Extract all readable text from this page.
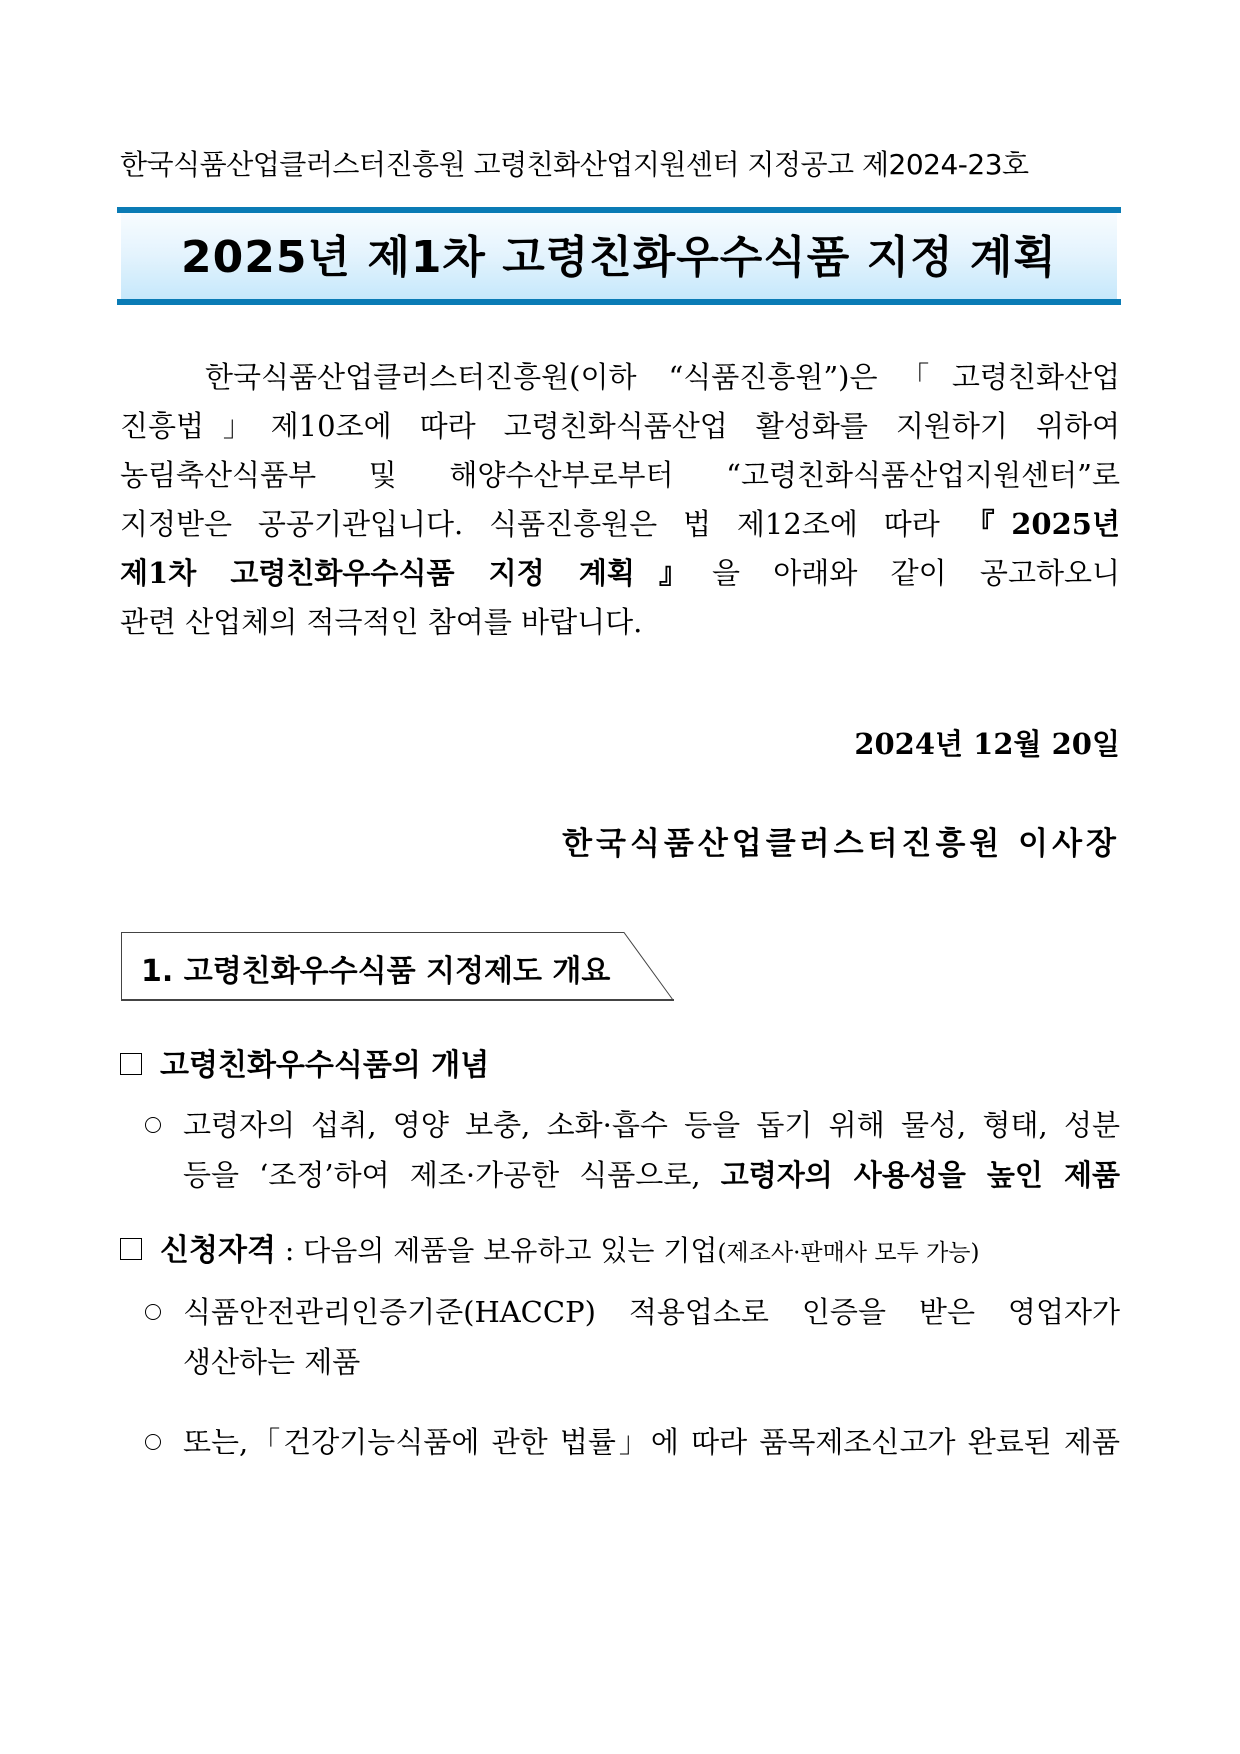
한국식품산업클러스터진흥원 고령친화산업지원센터 지정공고 제2024-23호
2025년 제1차 고령친화우수식품 지정 계획
한국식품산업클러스터진흥원(이하 “식품진흥원”)은「고령친화산업
진흥법」제10조에 따라 고령친화식품산업 활성화를 지원하기 위하여
농림축산식품부 및 해양수산부로부터 “고령친화식품산업지원센터”로
지정받은 공공기관입니다. 식품진흥원은 법 제12조에 따라 『2025년
제1차 고령친화우수식품 지정 계획』을 아래와 같이 공고하오니
관련 산업체의 적극적인 참여를 바랍니다.
2024년 12월 20일
한국식품산업클러스터진흥원 이사장
1. 고령친화우수식품 지정제도 개요
고령친화우수식품의 개념
고령자의 섭취, 영양 보충, 소화·흡수 등을 돕기 위해 물성, 형태, 성분
등을 ‘조정’하여 제조·가공한 식품으로, 고령자의 사용성을 높인 제품
신청자격 : 다음의 제품을 보유하고 있는 기업(제조사·판매사 모두 가능)
식품안전관리인증기준(HACCP) 적용업소로 인증을 받은 영업자가
생산하는 제품
또는,「건강기능식품에 관한 법률」에 따라 품목제조신고가 완료된 제품
